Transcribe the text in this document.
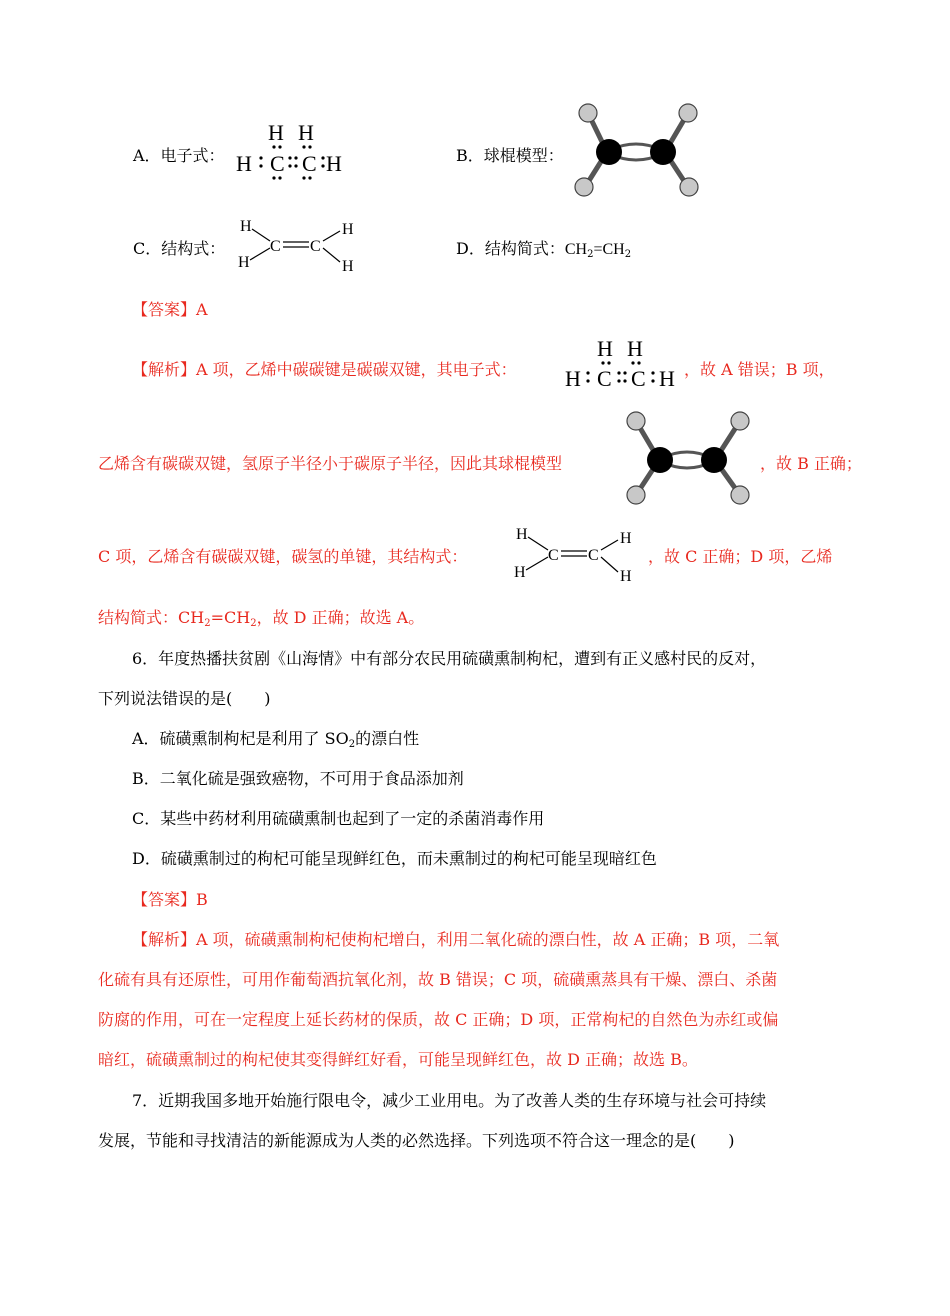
A．电子式：
H H
H C C H	B．球棍模型：
C．结构式：
H
H
C C
H
H
D．结构简式：$CH_2=CH_2$
【答案】A
【解析】A 项，乙烯中碳碳键是碳碳双键，其电子式：
H H
H C C H ，故 A 错误；B 项，
乙烯含有碳碳双键，氢原子半径小于碳原子半径，因此其球棍模型	，故 B 正确；
C 项，乙烯含有碳碳双键，碳氢的单键，其结构式：
H
H
C C
H
H
，故 C 正确；D 项，乙烯
结构简式：$CH_2=CH_2$，故 D 正确；故选 A。
6．年度热播扶贫剧《山海情》中有部分农民用硫磺熏制枸杞，遭到有正义感村民的反对，
下列说法错误的是(　　)
A．硫磺熏制枸杞是利用了 $SO_2$的漂白性
B．二氧化硫是强致癌物，不可用于食品添加剂
C．某些中药材利用硫磺熏制也起到了一定的杀菌消毒作用
D．硫磺熏制过的枸杞可能呈现鲜红色，而未熏制过的枸杞可能呈现暗红色
【答案】B
【解析】A 项，硫磺熏制枸杞使枸杞增白，利用二氧化硫的漂白性，故 A 正确；B 项，二氧
化硫有具有还原性，可用作葡萄酒抗氧化剂，故 B 错误；C 项，硫磺熏蒸具有干燥、漂白、杀菌
防腐的作用，可在一定程度上延长药材的保质，故 C 正确；D 项，正常枸杞的自然色为赤红或偏
暗红，硫磺熏制过的枸杞使其变得鲜红好看，可能呈现鲜红色，故 D 正确；故选 B。
7．近期我国多地开始施行限电令，减少工业用电。为了改善人类的生存环境与社会可持续
发展，节能和寻找清洁的新能源成为人类的必然选择。下列选项不符合这一理念的是(　　)
